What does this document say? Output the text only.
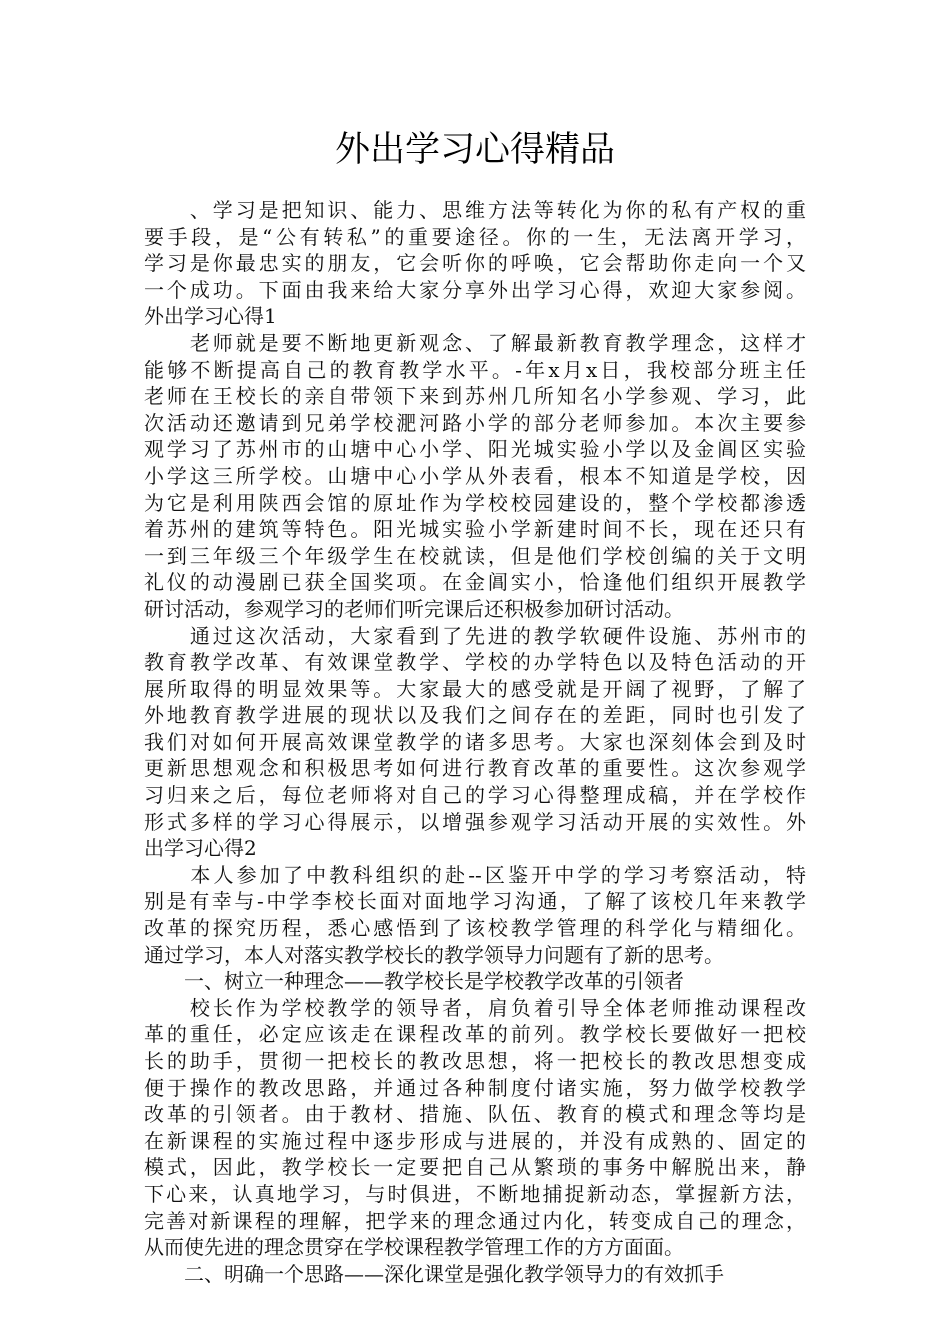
外出学习心得精品
　　、学习是把知识、能力、思维方法等转化为你的私有产权的重
要手段，是“公有转私”的重要途径。你的一生，无法离开学习，
学习是你最忠实的朋友，它会听你的呼唤，它会帮助你走向一个又
一个成功。下面由我来给大家分享外出学习心得，欢迎大家参阅。
外出学习心得1
　　老师就是要不断地更新观念、了解最新教育教学理念，这样才
能够不断提高自己的教育教学水平。-年x月x日，我校部分班主任
老师在王校长的亲自带领下来到苏州几所知名小学参观、学习，此
次活动还邀请到兄弟学校淝河路小学的部分老师参加。本次主要参
观学习了苏州市的山塘中心小学、阳光城实验小学以及金阊区实验
小学这三所学校。山塘中心小学从外表看，根本不知道是学校，因
为它是利用陕西会馆的原址作为学校校园建设的，整个学校都渗透
着苏州的建筑等特色。阳光城实验小学新建时间不长，现在还只有
一到三年级三个年级学生在校就读，但是他们学校创编的关于文明
礼仪的动漫剧已获全国奖项。在金阊实小，恰逢他们组织开展教学
研讨活动，参观学习的老师们听完课后还积极参加研讨活动。
　　通过这次活动，大家看到了先进的教学软硬件设施、苏州市的
教育教学改革、有效课堂教学、学校的办学特色以及特色活动的开
展所取得的明显效果等。大家最大的感受就是开阔了视野，了解了
外地教育教学进展的现状以及我们之间存在的差距，同时也引发了
我们对如何开展高效课堂教学的诸多思考。大家也深刻体会到及时
更新思想观念和积极思考如何进行教育改革的重要性。这次参观学
习归来之后，每位老师将对自己的学习心得整理成稿，并在学校作
形式多样的学习心得展示，以增强参观学习活动开展的实效性。外
出学习心得2
　　本人参加了中教科组织的赴--区鉴开中学的学习考察活动，特
别是有幸与-中学李校长面对面地学习沟通，了解了该校几年来教学
改革的探究历程，悉心感悟到了该校教学管理的科学化与精细化。
通过学习，本人对落实教学校长的教学领导力问题有了新的思考。
　　一、树立一种理念——教学校长是学校教学改革的引领者
　　校长作为学校教学的领导者，肩负着引导全体老师推动课程改
革的重任，必定应该走在课程改革的前列。教学校长要做好一把校
长的助手，贯彻一把校长的教改思想，将一把校长的教改思想变成
便于操作的教改思路，并通过各种制度付诸实施，努力做学校教学
改革的引领者。由于教材、措施、队伍、教育的模式和理念等均是
在新课程的实施过程中逐步形成与进展的，并没有成熟的、固定的
模式，因此，教学校长一定要把自己从繁琐的事务中解脱出来，静
下心来，认真地学习，与时俱进，不断地捕捉新动态，掌握新方法，
完善对新课程的理解，把学来的理念通过内化，转变成自己的理念，
从而使先进的理念贯穿在学校课程教学管理工作的方方面面。
　　二、明确一个思路——深化课堂是强化教学领导力的有效抓手
